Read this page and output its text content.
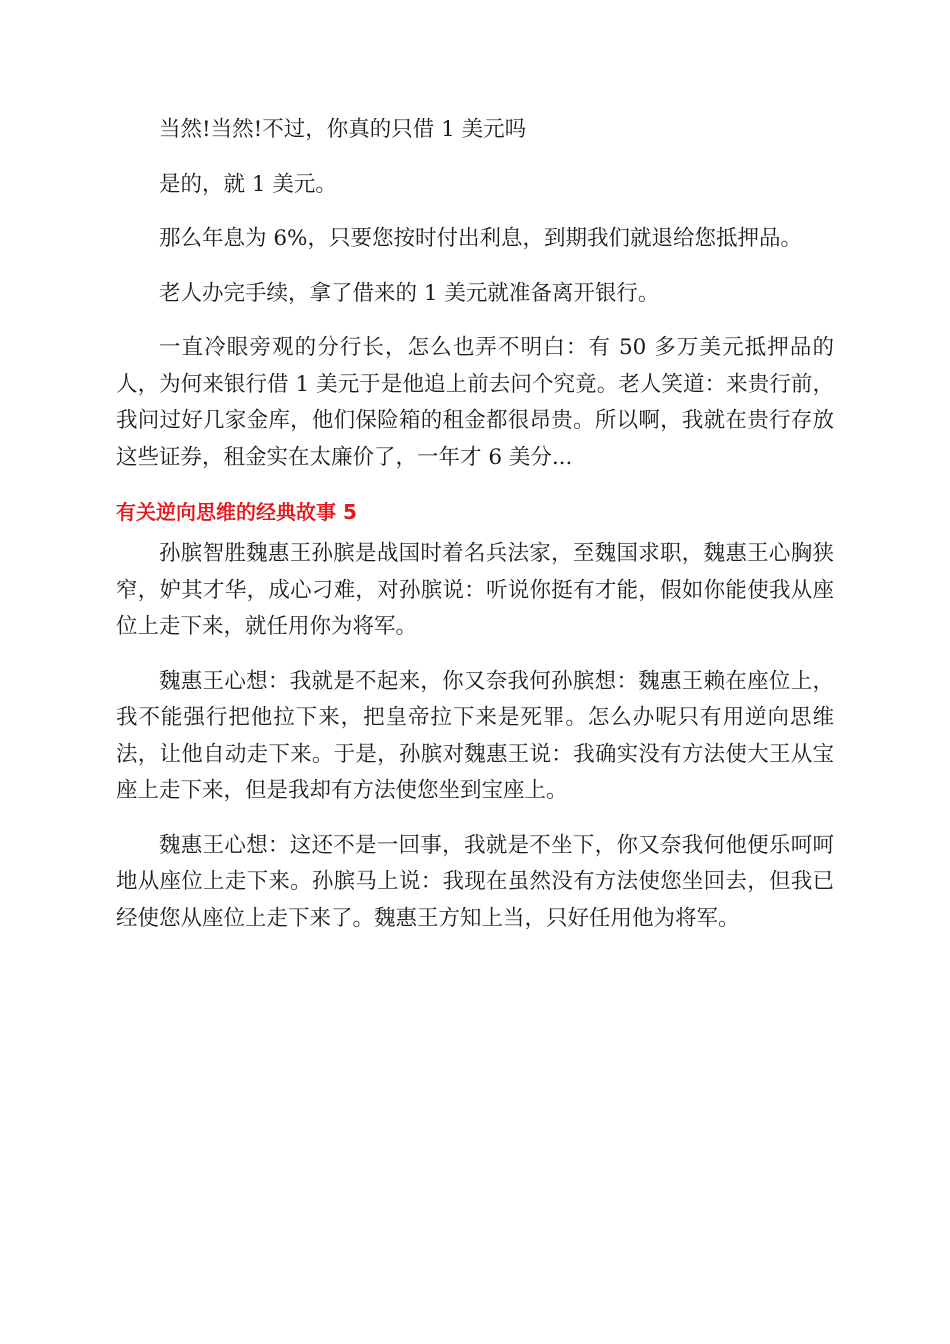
当然!当然!不过，你真的只借 1 美元吗

是的，就 1 美元。

那么年息为 6%，只要您按时付出利息，到期我们就退给您抵押品。

老人办完手续，拿了借来的 1 美元就准备离开银行。

一直冷眼旁观的分行长，怎么也弄不明白：有 50 多万美元抵押品的人，为何来银行借 1 美元于是他追上前去问个究竟。老人笑道：来贵行前，我问过好几家金库，他们保险箱的租金都很昂贵。所以啊，我就在贵行存放这些证券，租金实在太廉价了，一年才 6 美分...

有关逆向思维的经典故事 5

孙膑智胜魏惠王孙膑是战国时着名兵法家，至魏国求职，魏惠王心胸狭窄，妒其才华，成心刁难，对孙膑说：听说你挺有才能，假如你能使我从座位上走下来，就任用你为将军。

魏惠王心想：我就是不起来，你又奈我何孙膑想：魏惠王赖在座位上，我不能强行把他拉下来，把皇帝拉下来是死罪。怎么办呢只有用逆向思维法，让他自动走下来。于是，孙膑对魏惠王说：我确实没有方法使大王从宝座上走下来，但是我却有方法使您坐到宝座上。

魏惠王心想：这还不是一回事，我就是不坐下，你又奈我何他便乐呵呵地从座位上走下来。孙膑马上说：我现在虽然没有方法使您坐回去，但我已经使您从座位上走下来了。魏惠王方知上当，只好任用他为将军。
